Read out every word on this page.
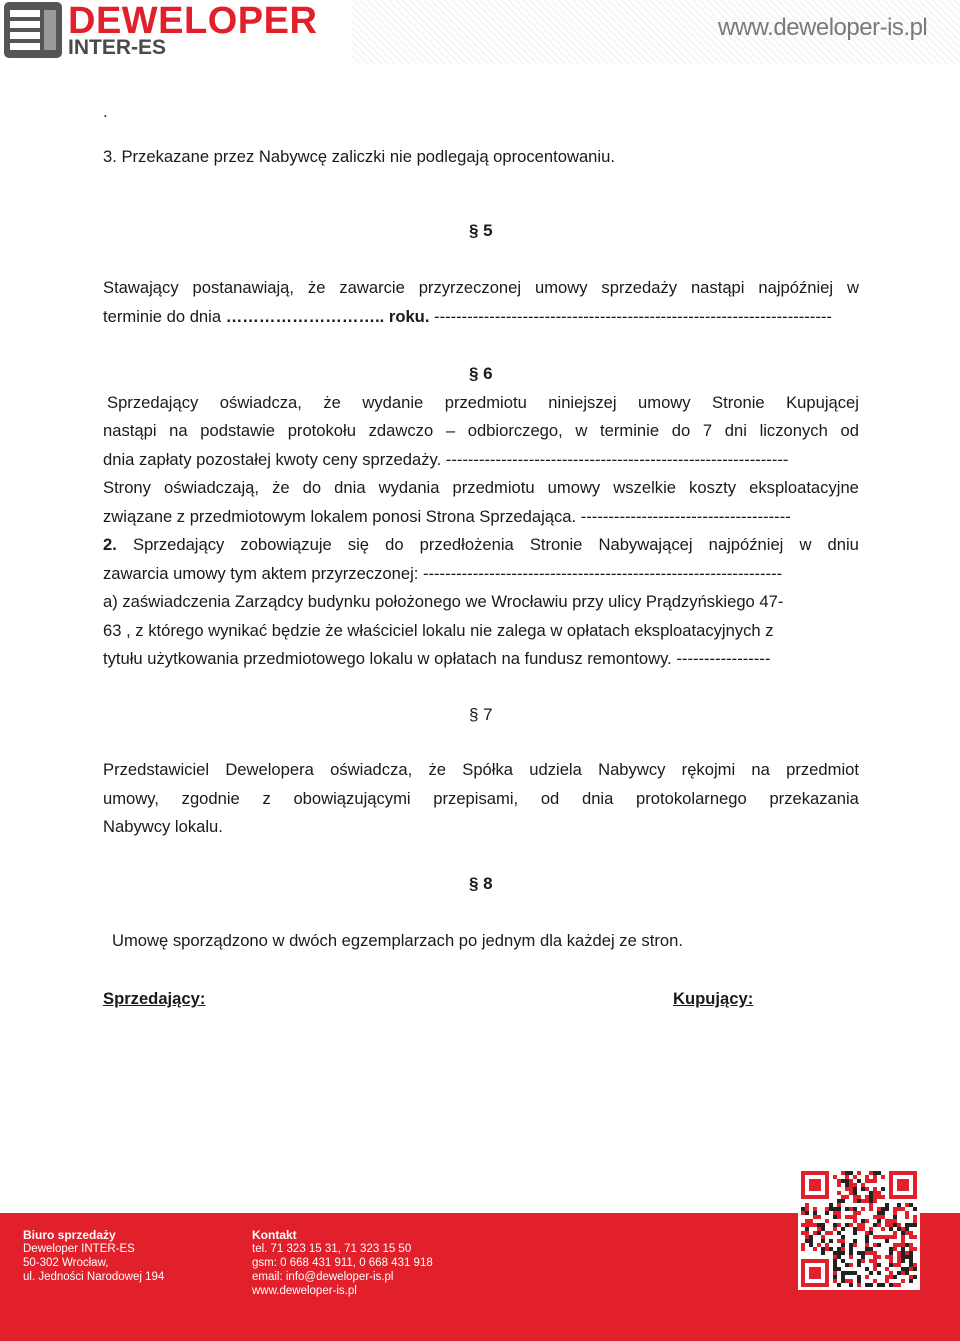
DEWELOPER
INTER-ES
www.deweloper-is.pl
.
3. Przekazane przez Nabywcę zaliczki nie podlegają oprocentowaniu.
§ 5
Stawający postanawiają, że zawarcie przyrzeczonej umowy sprzedaży nastąpi najpóźniej w
terminie do dnia ……………………….. roku. ------------------------------------------------------------------------
§ 6
Sprzedający oświadcza, że wydanie przedmiotu niniejszej umowy Stronie Kupującej
nastąpi na podstawie protokołu zdawczo – odbiorczego, w terminie do 7 dni liczonych od
dnia zapłaty pozostałej kwoty ceny sprzedaży. --------------------------------------------------------------
Strony oświadczają, że do dnia wydania przedmiotu umowy wszelkie koszty eksploatacyjne
związane z przedmiotowym lokalem ponosi Strona Sprzedająca. --------------------------------------
2. Sprzedający zobowiązuje się do przedłożenia Stronie Nabywającej najpóźniej w dniu
zawarcia umowy tym aktem przyrzeczonej: -----------------------------------------------------------------
a) zaświadczenia Zarządcy budynku położonego we Wrocławiu przy ulicy Prądzyńskiego 47-
63 , z którego wynikać będzie że właściciel lokalu nie zalega w opłatach eksploatacyjnych z
tytułu użytkowania przedmiotowego lokalu w opłatach na fundusz remontowy. -----------------
§ 7
Przedstawiciel Dewelopera oświadcza, że Spółka udziela Nabywcy rękojmi na przedmiot
umowy, zgodnie z obowiązującymi przepisami, od dnia protokolarnego przekazania
Nabywcy lokalu.
§ 8
Umowę sporządzono w dwóch egzemplarzach po jednym dla każdej ze stron.
Sprzedający:	Kupujący:
Biuro sprzedaży
Deweloper INTER-ES
50-302 Wrocław,
ul. Jedności Narodowej 194
Kontakt
tel. 71 323 15 31, 71 323 15 50
gsm: 0 668 431 911, 0 668 431 918
email: info@deweloper-is.pl
www.deweloper-is.pl
